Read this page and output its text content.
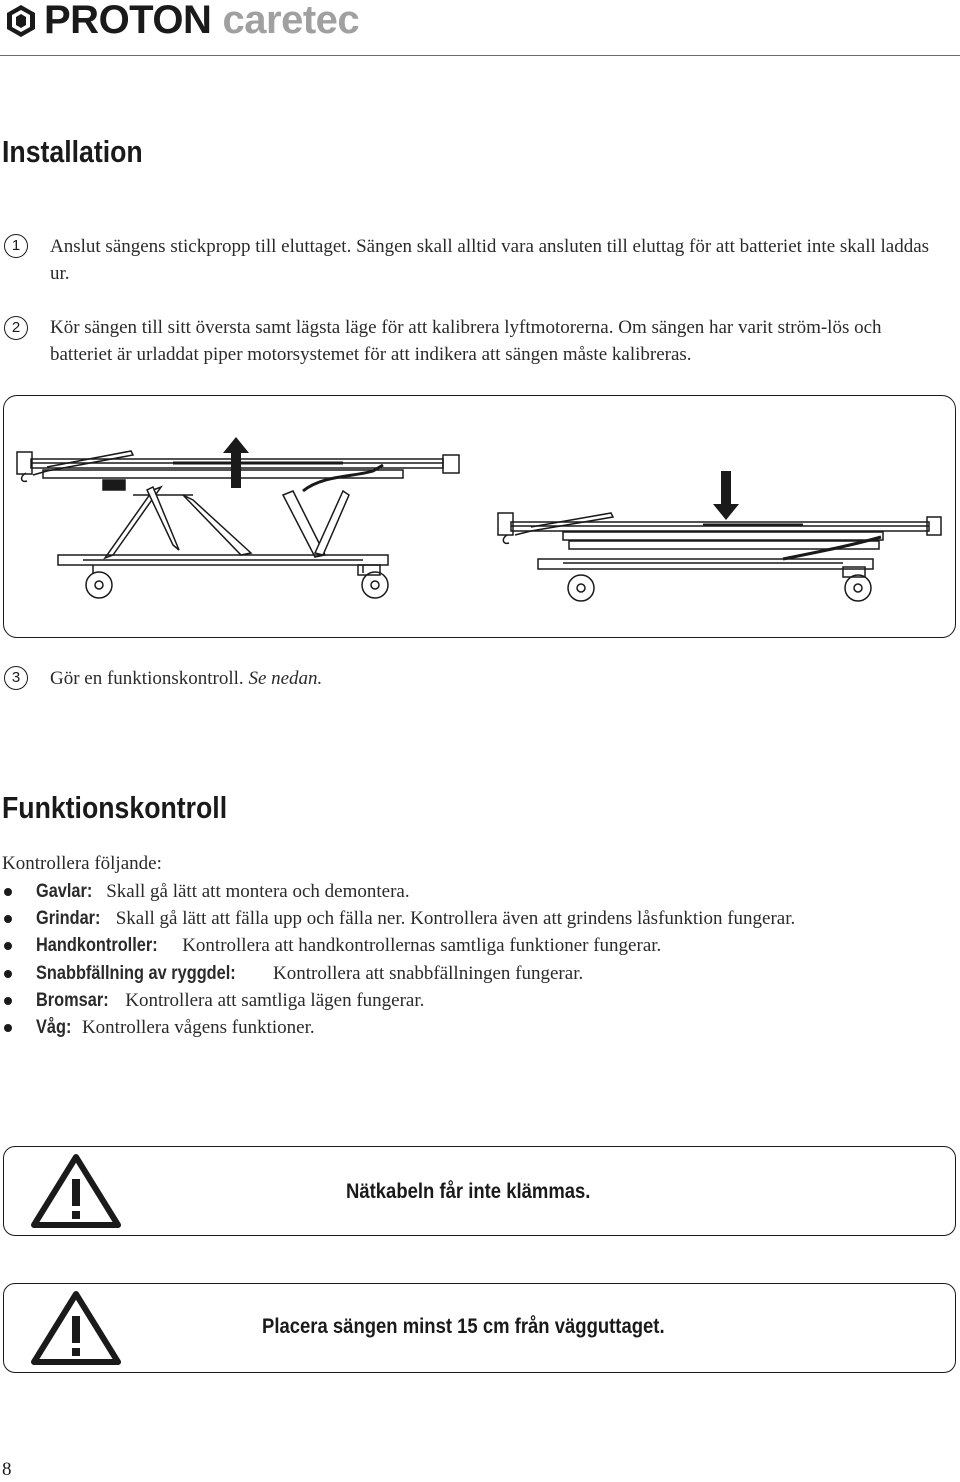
PROTON caretec
Installation
1	Anslut sängens stickpropp till eluttaget. Sängen skall alltid vara ansluten till eluttag för att batteriet inte skall laddas ur.
2	Kör sängen till sitt översta samt lägsta läge för att kalibrera lyftmotorerna. Om sängen har varit ström-lös och batteriet är urladdat piper motorsystemet för att indikera att sängen måste kalibreras.
3	Gör en funktionskontroll. Se nedan.
Funktionskontroll
Kontrollera följande:
Gavlar: Skall gå lätt att montera och demontera.
Grindar: Skall gå lätt att fälla upp och fälla ner. Kontrollera även att grindens låsfunktion fungerar.
Handkontroller: Kontrollera att handkontrollernas samtliga funktioner fungerar.
Snabbfällning av ryggdel: Kontrollera att snabbfällningen fungerar.
Bromsar: Kontrollera att samtliga lägen fungerar.
Våg: Kontrollera vågens funktioner.
Nätkabeln får inte klämmas.
Placera sängen minst 15 cm från vägguttaget.
8
